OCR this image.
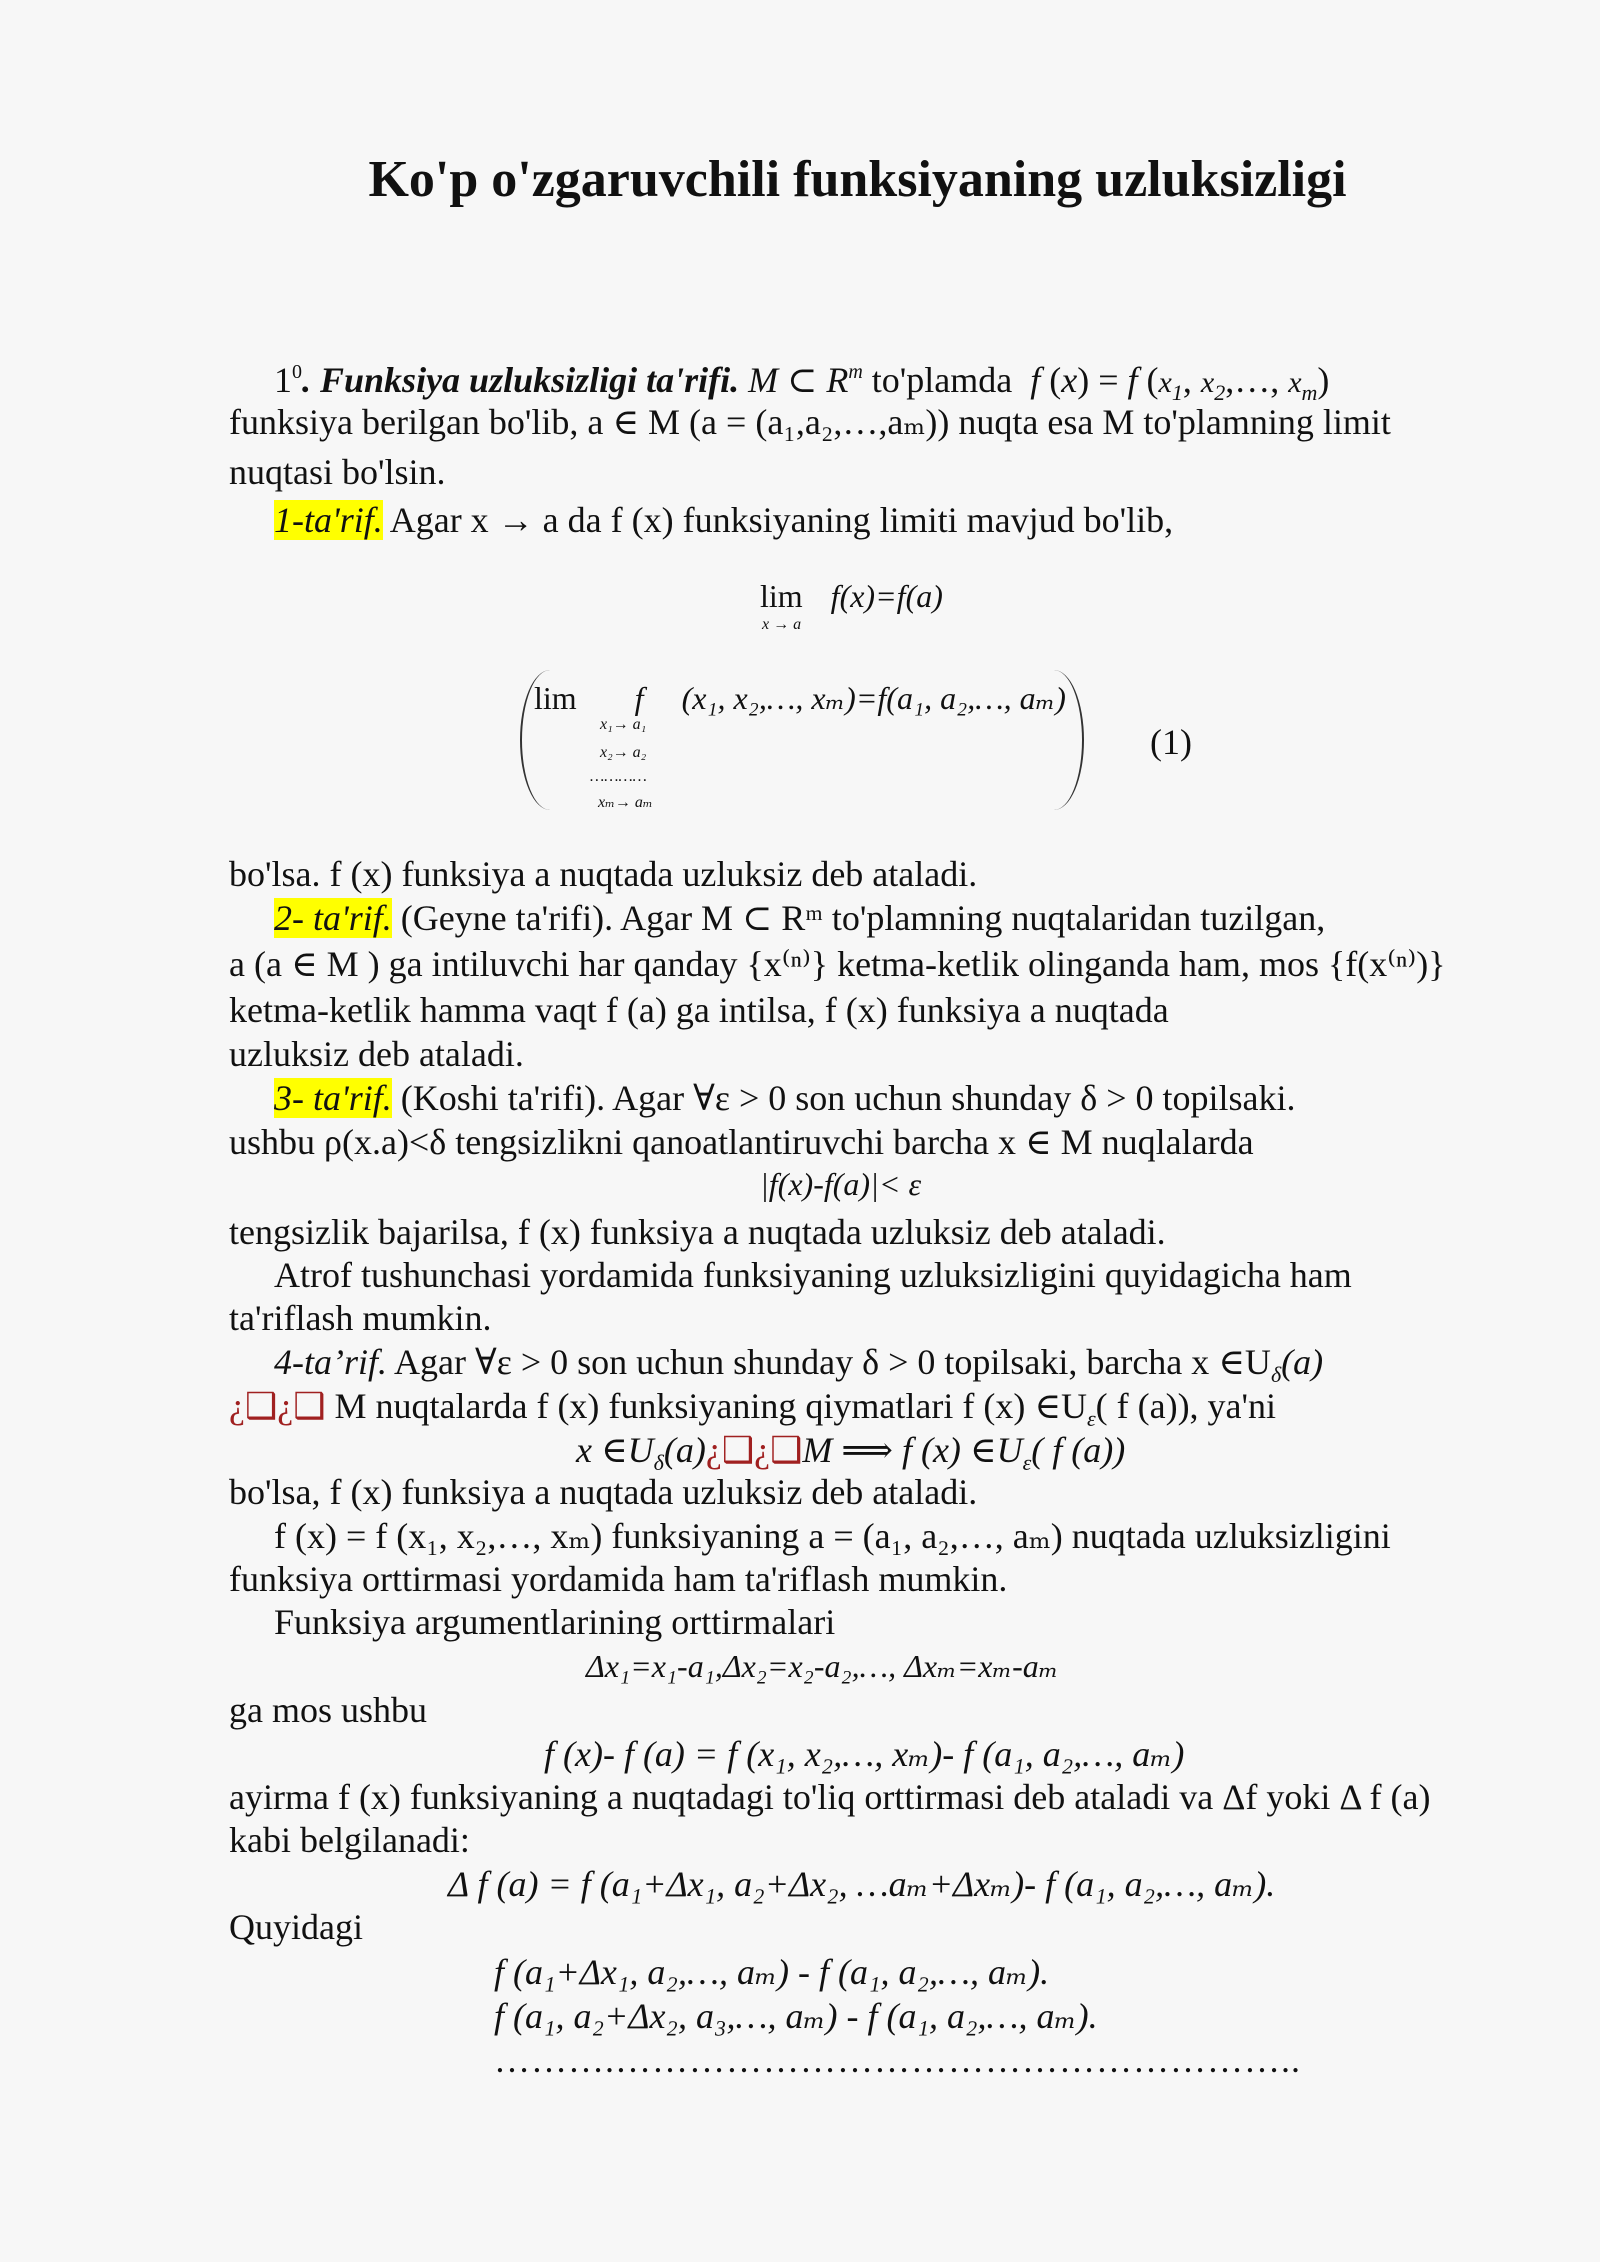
Ko'p o'zgaruvchili funksiyaning uzluksizligi
$1^0$. Funksiya uzluksizligi ta'rifi. M ⊂ $R^m$ to'plamda  f (x) = f ($x_1$, $x_2,\dots$, $x_m$)
funksiya berilgan bo'lib, a ∈ M (a = (a₁,a₂,…,aₘ)) nuqta esa M to'plamning limit
nuqtasi bo'lsin.
1-ta'rif. Agar x → a da f (x) funksiyaning limiti mavjud bo'lib,
lim f(x)=f(a)
x → a
lim f (x₁, x₂,…, xₘ)=f(a₁, a₂,…, aₘ)
x₁→ a₁
x₂→ a₂
…………
xₘ→ aₘ
(1)
bo'lsa. f (x) funksiya a nuqtada uzluksiz deb ataladi.
2- ta'rif. (Geyne ta'rifi). Agar M ⊂ Rᵐ to'plamning nuqtalaridan tuzilgan,
a (a ∈ M ) ga intiluvchi har qanday {x⁽ⁿ⁾} ketma-ketlik olinganda ham, mos {f(x⁽ⁿ⁾)}
ketma-ketlik hamma vaqt f (a) ga intilsa, f (x) funksiya a nuqtada
uzluksiz deb ataladi.
3- ta'rif. (Koshi ta'rifi). Agar ∀ε > 0 son uchun shunday δ > 0 topilsaki.
ushbu ρ(x.a)<δ tengsizlikni qanoatlantiruvchi barcha x ∈ M nuqlalarda
|f(x)-f(a)|< ε
tengsizlik bajarilsa, f (x) funksiya a nuqtada uzluksiz deb ataladi.
Atrof tushunchasi yordamida funksiyaning uzluksizligini quyidagicha ham
ta'riflash mumkin.
4-ta’rif. Agar ∀ε > 0 son uchun shunday δ > 0 topilsaki, barcha x $\in U_\delta(a)$
¿❑¿❑ M nuqtalarda f (x) funksiyaning qiymatlari f (x) $\in U_\varepsilon$( f (a)), ya'ni
x $\in U_\delta(a)¿❑¿❑M$ ⟹ f (x) $\in U_\varepsilon$( f (a))
bo'lsa, f (x) funksiya a nuqtada uzluksiz deb ataladi.
f (x) = f (x₁, x₂,…, xₘ) funksiyaning a = (a₁, a₂,…, aₘ) nuqtada uzluksizligini
funksiya orttirmasi yordamida ham ta'riflash mumkin.
Funksiya argumentlarining orttirmalari
Δx₁=x₁-a₁,Δx₂=x₂-a₂,…, Δxₘ=xₘ-aₘ
ga mos ushbu
f (x)- f (a) = f (x₁, x₂,…, xₘ)- f (a₁, a₂,…, aₘ)
ayirma f (x) funksiyaning a nuqtadagi to'liq orttirmasi deb ataladi va Δf yoki Δ f (a)
kabi belgilanadi:
Δ f (a) = f (a₁+Δx₁, a₂+Δx₂, …aₘ+Δxₘ)- f (a₁, a₂,…, aₘ).
Quyidagi
f (a₁+Δx₁, a₂,…, aₘ) - f (a₁, a₂,…, aₘ).
f (a₁, a₂+Δx₂, a₃,…, aₘ) - f (a₁, a₂,…, aₘ).
……….………………………………………………..
